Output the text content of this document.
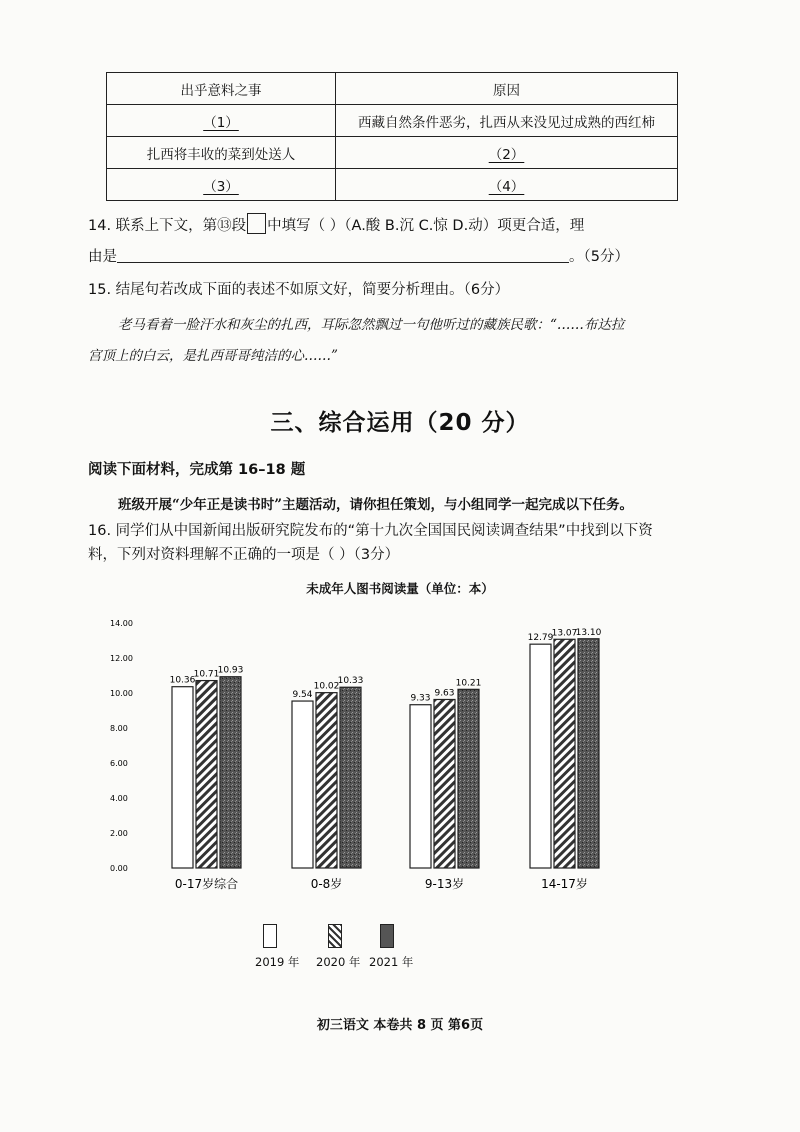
出乎意料之事	原因
（1）	西藏自然条件恶劣，扎西从来没见过成熟的西红柿
扎西将丰收的菜到处送人	（2）
（3）	（4）
14. 联系上下文，第⑬段 中填写（ ）（A.酸 B.沉 C.惊 D.动）项更合适，理
由是	。（5分）
15. 结尾句若改成下面的表述不如原文好，简要分析理由。（6分）
老马看着一脸汗水和灰尘的扎西，耳际忽然飘过一句他听过的藏族民歌：“……布达拉
宫顶上的白云，是扎西哥哥纯洁的心……”
三、综合运用（20 分）
阅读下面材料，完成第 16–18 题
班级开展“少年正是读书时”主题活动，请你担任策划，与小组同学一起完成以下任务。
16. 同学们从中国新闻出版研究院发布的“第十九次全国国民阅读调查结果”中找到以下资
料，下列对资料理解不正确的一项是（ ）（3分）
未成年人图书阅读量（单位：本）
0.00
2.00
4.00
6.00
8.00
10.00
12.00
14.00
10.36
10.71
10.93
9.54
10.02
10.33
9.33
9.63
10.21
12.79
13.07
13.10
0-17岁综合	0-8岁	9-13岁	14-17岁
2019 年 2020 年 2021 年
初三语文 本卷共 8 页 第6页
